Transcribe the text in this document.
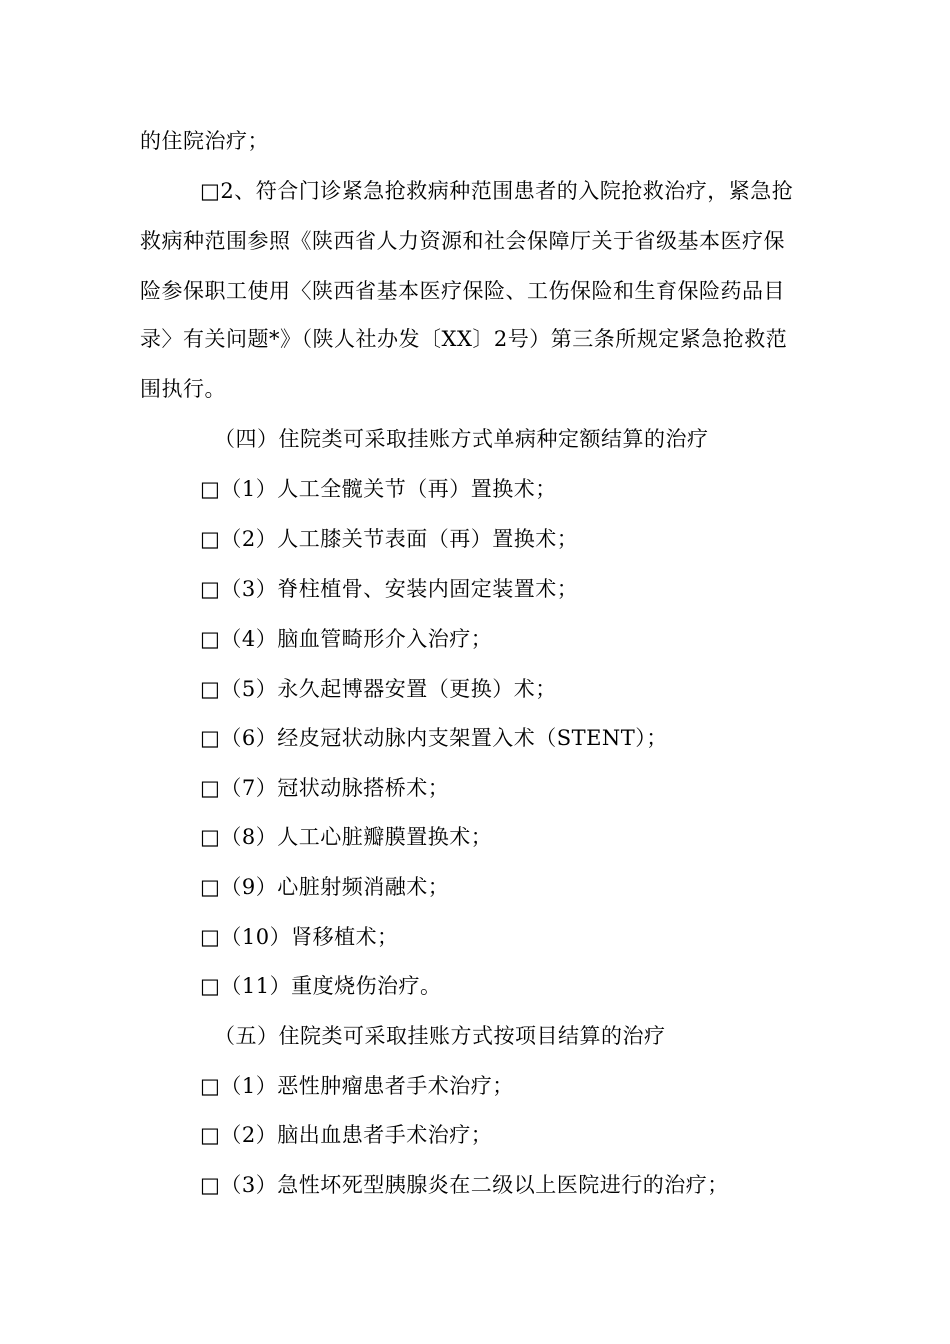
的住院治疗；
□2、符合门诊紧急抢救病种范围患者的入院抢救治疗，紧急抢
救病种范围参照《陕西省人力资源和社会保障厅关于省级基本医疗保
险参保职工使用〈陕西省基本医疗保险、工伤保险和生育保险药品目
录〉有关问题*》（陕人社办发〔XX〕2号）第三条所规定紧急抢救范
围执行。
（四）住院类可采取挂账方式单病种定额结算的治疗
□（1）人工全髋关节（再）置换术；
□（2）人工膝关节表面（再）置换术；
□（3）脊柱植骨、安装内固定装置术；
□（4）脑血管畸形介入治疗；
□（5）永久起博器安置（更换）术；
□（6）经皮冠状动脉内支架置入术（STENT）；
□（7）冠状动脉搭桥术；
□（8）人工心脏瓣膜置换术；
□（9）心脏射频消融术；
□（10）肾移植术；
□（11）重度烧伤治疗。
（五）住院类可采取挂账方式按项目结算的治疗
□（1）恶性肿瘤患者手术治疗；
□（2）脑出血患者手术治疗；
□（3）急性坏死型胰腺炎在二级以上医院进行的治疗；
